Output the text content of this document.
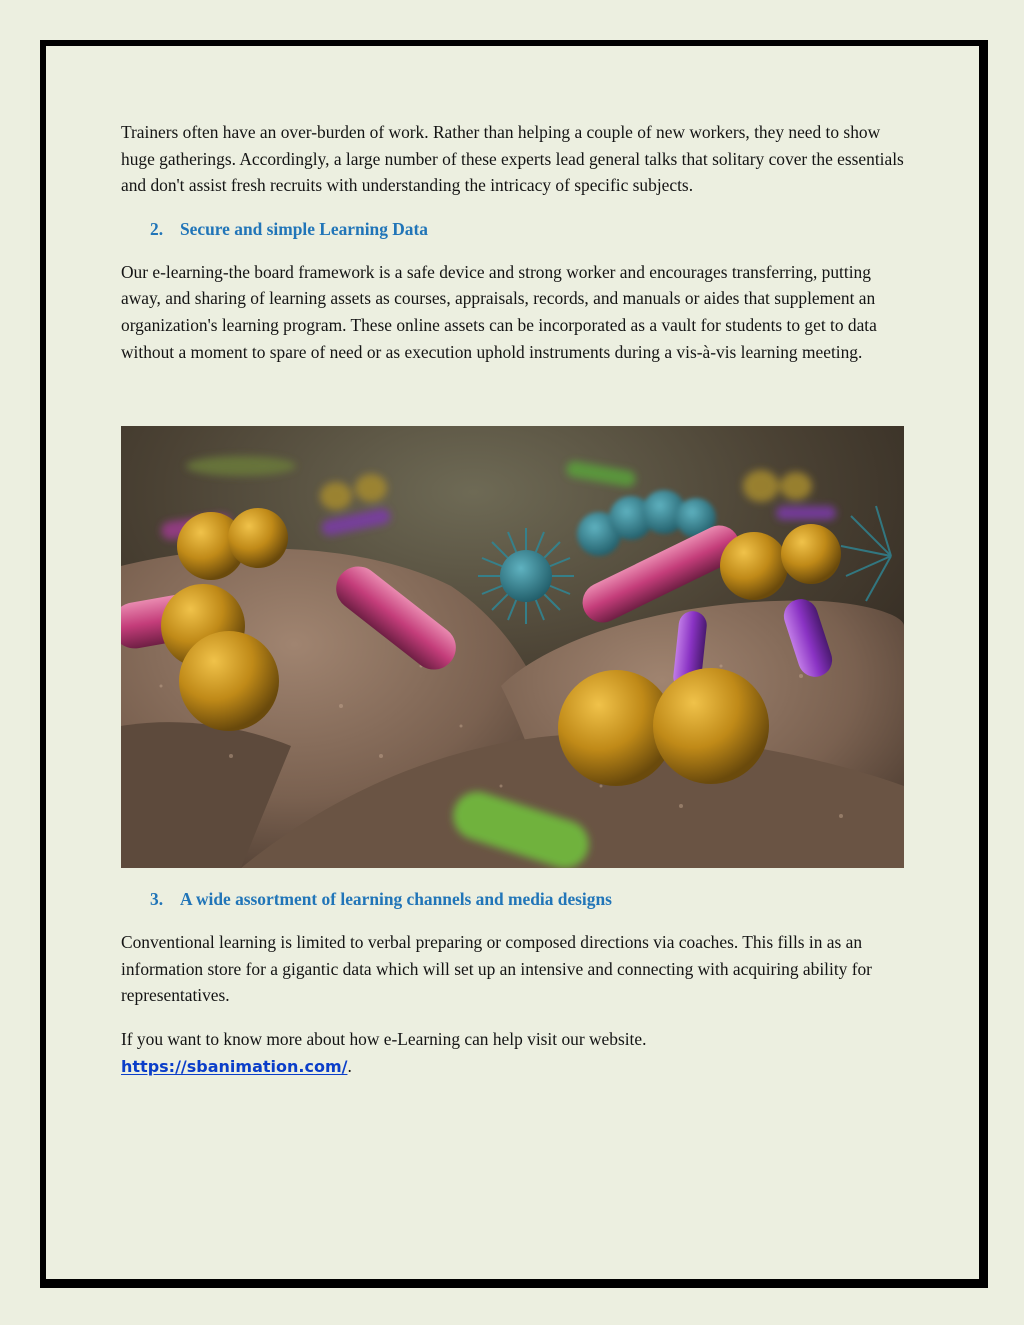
Trainers often have an over-burden of work. Rather than helping a couple of new workers, they need to show huge gatherings. Accordingly, a large number of these experts lead general talks that solitary cover the essentials and don't assist fresh recruits with understanding the intricacy of specific subjects.

2. Secure and simple Learning Data

Our e-learning-the board framework is a safe device and strong worker and encourages transferring, putting away, and sharing of learning assets as courses, appraisals, records, and manuals or aides that supplement an organization's learning program. These online assets can be incorporated as a vault for students to get to data without a moment to spare of need or as execution uphold instruments during a vis-à-vis learning meeting.

3. A wide assortment of learning channels and media designs

Conventional learning is limited to verbal preparing or composed directions via coaches. This fills in as an information store for a gigantic data which will set up an intensive and connecting with acquiring ability for representatives.

If you want to know more about how e-Learning can help visit our website.
https://sbanimation.com/.
